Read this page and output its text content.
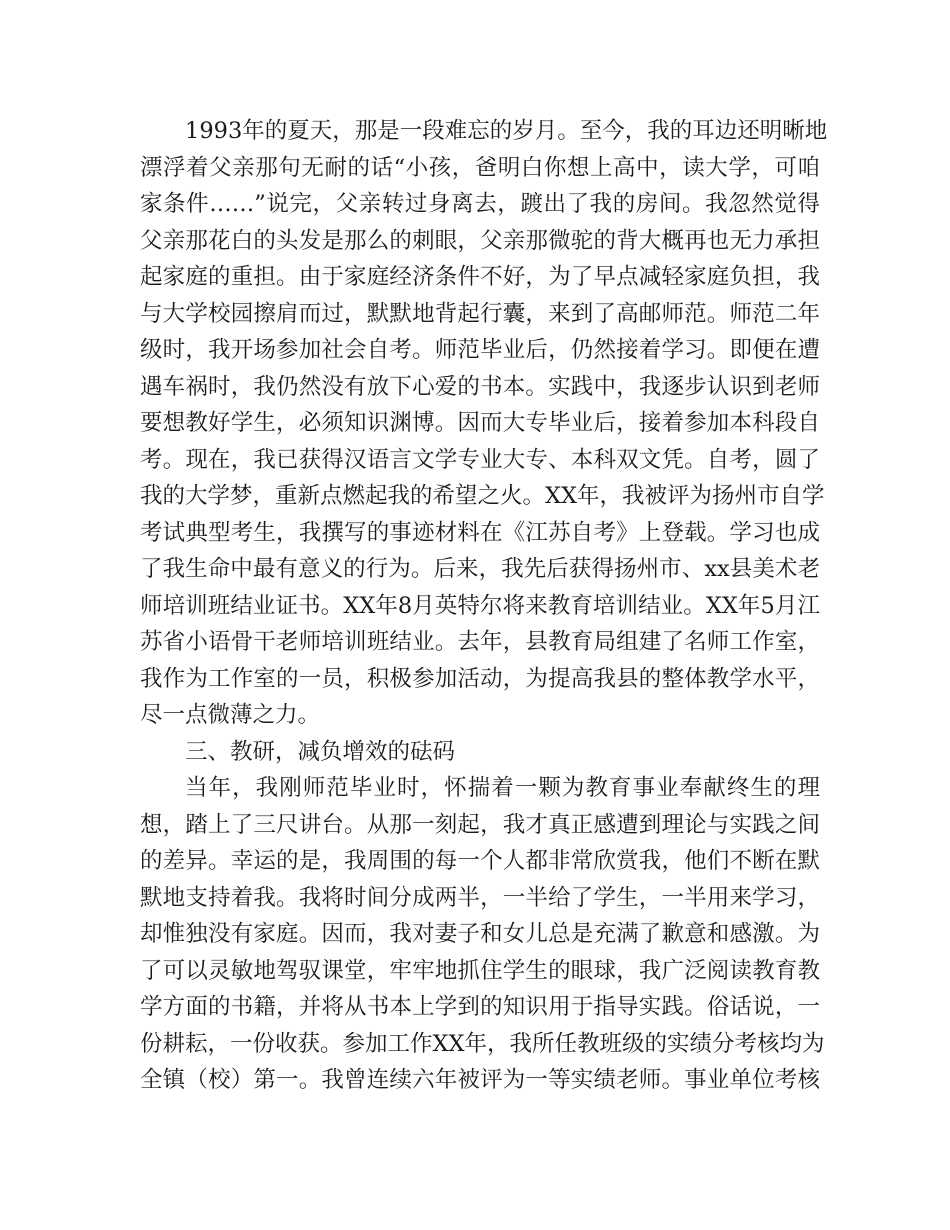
1993年的夏天，那是一段难忘的岁月。至今，我的耳边还明晰地
漂浮着父亲那句无耐的话“小孩，爸明白你想上高中，读大学，可咱
家条件……”说完，父亲转过身离去，踱出了我的房间。我忽然觉得
父亲那花白的头发是那么的刺眼，父亲那微驼的背大概再也无力承担
起家庭的重担。由于家庭经济条件不好，为了早点减轻家庭负担，我
与大学校园擦肩而过，默默地背起行囊，来到了高邮师范。师范二年
级时，我开场参加社会自考。师范毕业后，仍然接着学习。即便在遭
遇车祸时，我仍然没有放下心爱的书本。实践中，我逐步认识到老师
要想教好学生，必须知识渊博。因而大专毕业后，接着参加本科段自
考。现在，我已获得汉语言文学专业大专、本科双文凭。自考，圆了
我的大学梦，重新点燃起我的希望之火。XX年，我被评为扬州市自学
考试典型考生，我撰写的事迹材料在《江苏自考》上登载。学习也成
了我生命中最有意义的行为。后来，我先后获得扬州市、xx县美术老
师培训班结业证书。XX年8月英特尔将来教育培训结业。XX年5月江
苏省小语骨干老师培训班结业。去年，县教育局组建了名师工作室，
我作为工作室的一员，积极参加活动，为提高我县的整体教学水平，
尽一点微薄之力。
三、教研，减负增效的砝码
当年，我刚师范毕业时，怀揣着一颗为教育事业奉献终生的理
想，踏上了三尺讲台。从那一刻起，我才真正感遭到理论与实践之间
的差异。幸运的是，我周围的每一个人都非常欣赏我，他们不断在默
默地支持着我。我将时间分成两半，一半给了学生，一半用来学习，
却惟独没有家庭。因而，我对妻子和女儿总是充满了歉意和感激。为
了可以灵敏地驾驭课堂，牢牢地抓住学生的眼球，我广泛阅读教育教
学方面的书籍，并将从书本上学到的知识用于指导实践。俗话说，一
份耕耘，一份收获。参加工作XX年，我所任教班级的实绩分考核均为
全镇（校）第一。我曾连续六年被评为一等实绩老师。事业单位考核
